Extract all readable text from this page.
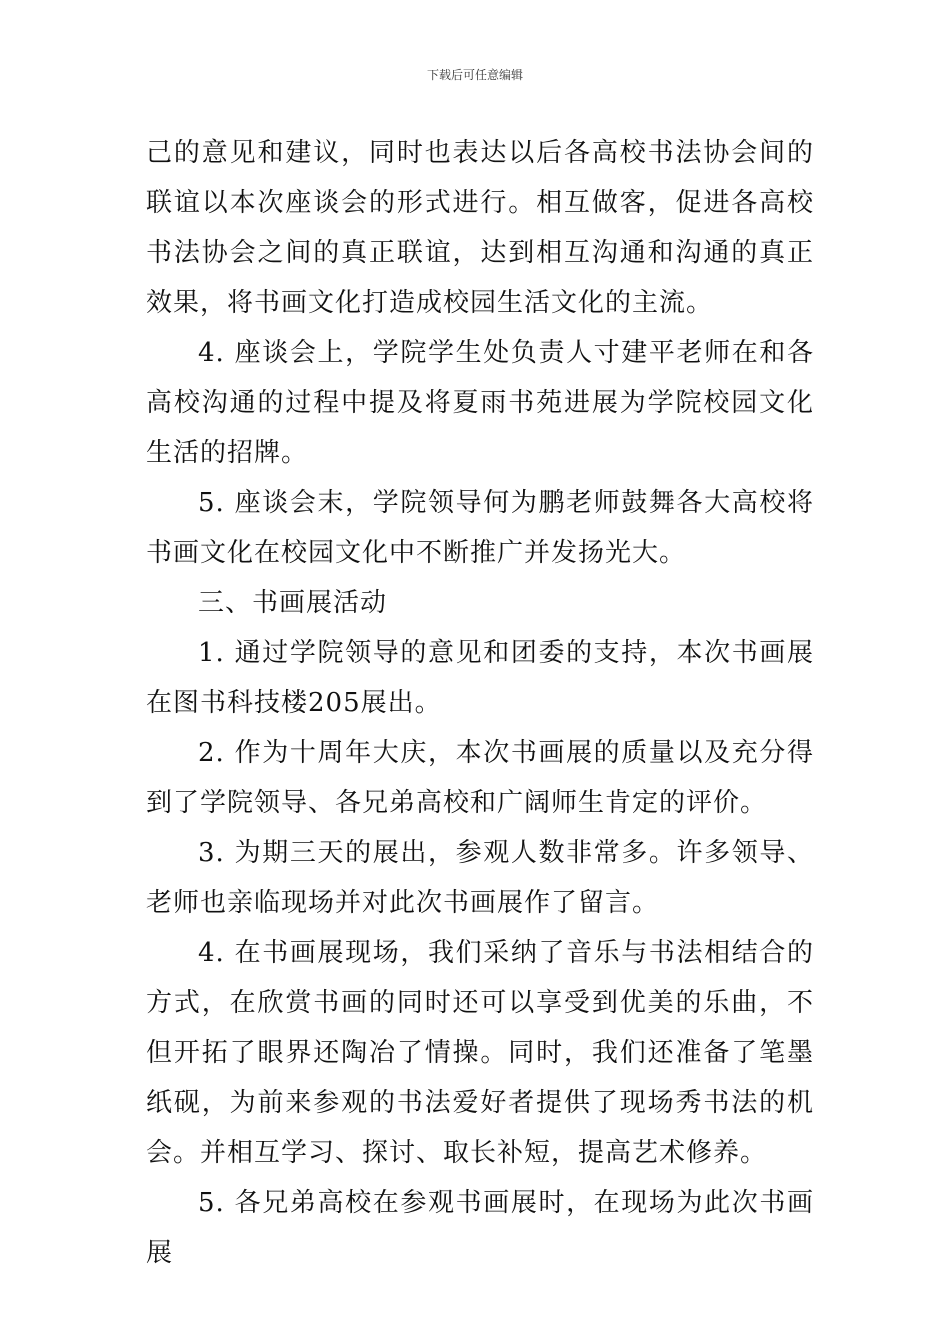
下载后可任意编辑

己的意见和建议，同时也表达以后各高校书法协会间的联谊以本次座谈会的形式进行。相互做客，促进各高校书法协会之间的真正联谊，达到相互沟通和沟通的真正效果，将书画文化打造成校园生活文化的主流。

4. 座谈会上，学院学生处负责人寸建平老师在和各高校沟通的过程中提及将夏雨书苑进展为学院校园文化生活的招牌。

5. 座谈会末，学院领导何为鹏老师鼓舞各大高校将书画文化在校园文化中不断推广并发扬光大。

三、书画展活动

1. 通过学院领导的意见和团委的支持，本次书画展在图书科技楼205展出。

2. 作为十周年大庆，本次书画展的质量以及充分得到了学院领导、各兄弟高校和广阔师生肯定的评价。

3. 为期三天的展出，参观人数非常多。许多领导、老师也亲临现场并对此次书画展作了留言。

4. 在书画展现场，我们采纳了音乐与书法相结合的方式，在欣赏书画的同时还可以享受到优美的乐曲，不但开拓了眼界还陶冶了情操。同时，我们还准备了笔墨纸砚，为前来参观的书法爱好者提供了现场秀书法的机会。并相互学习、探讨、取长补短，提高艺术修养。

5. 各兄弟高校在参观书画展时，在现场为此次书画展
